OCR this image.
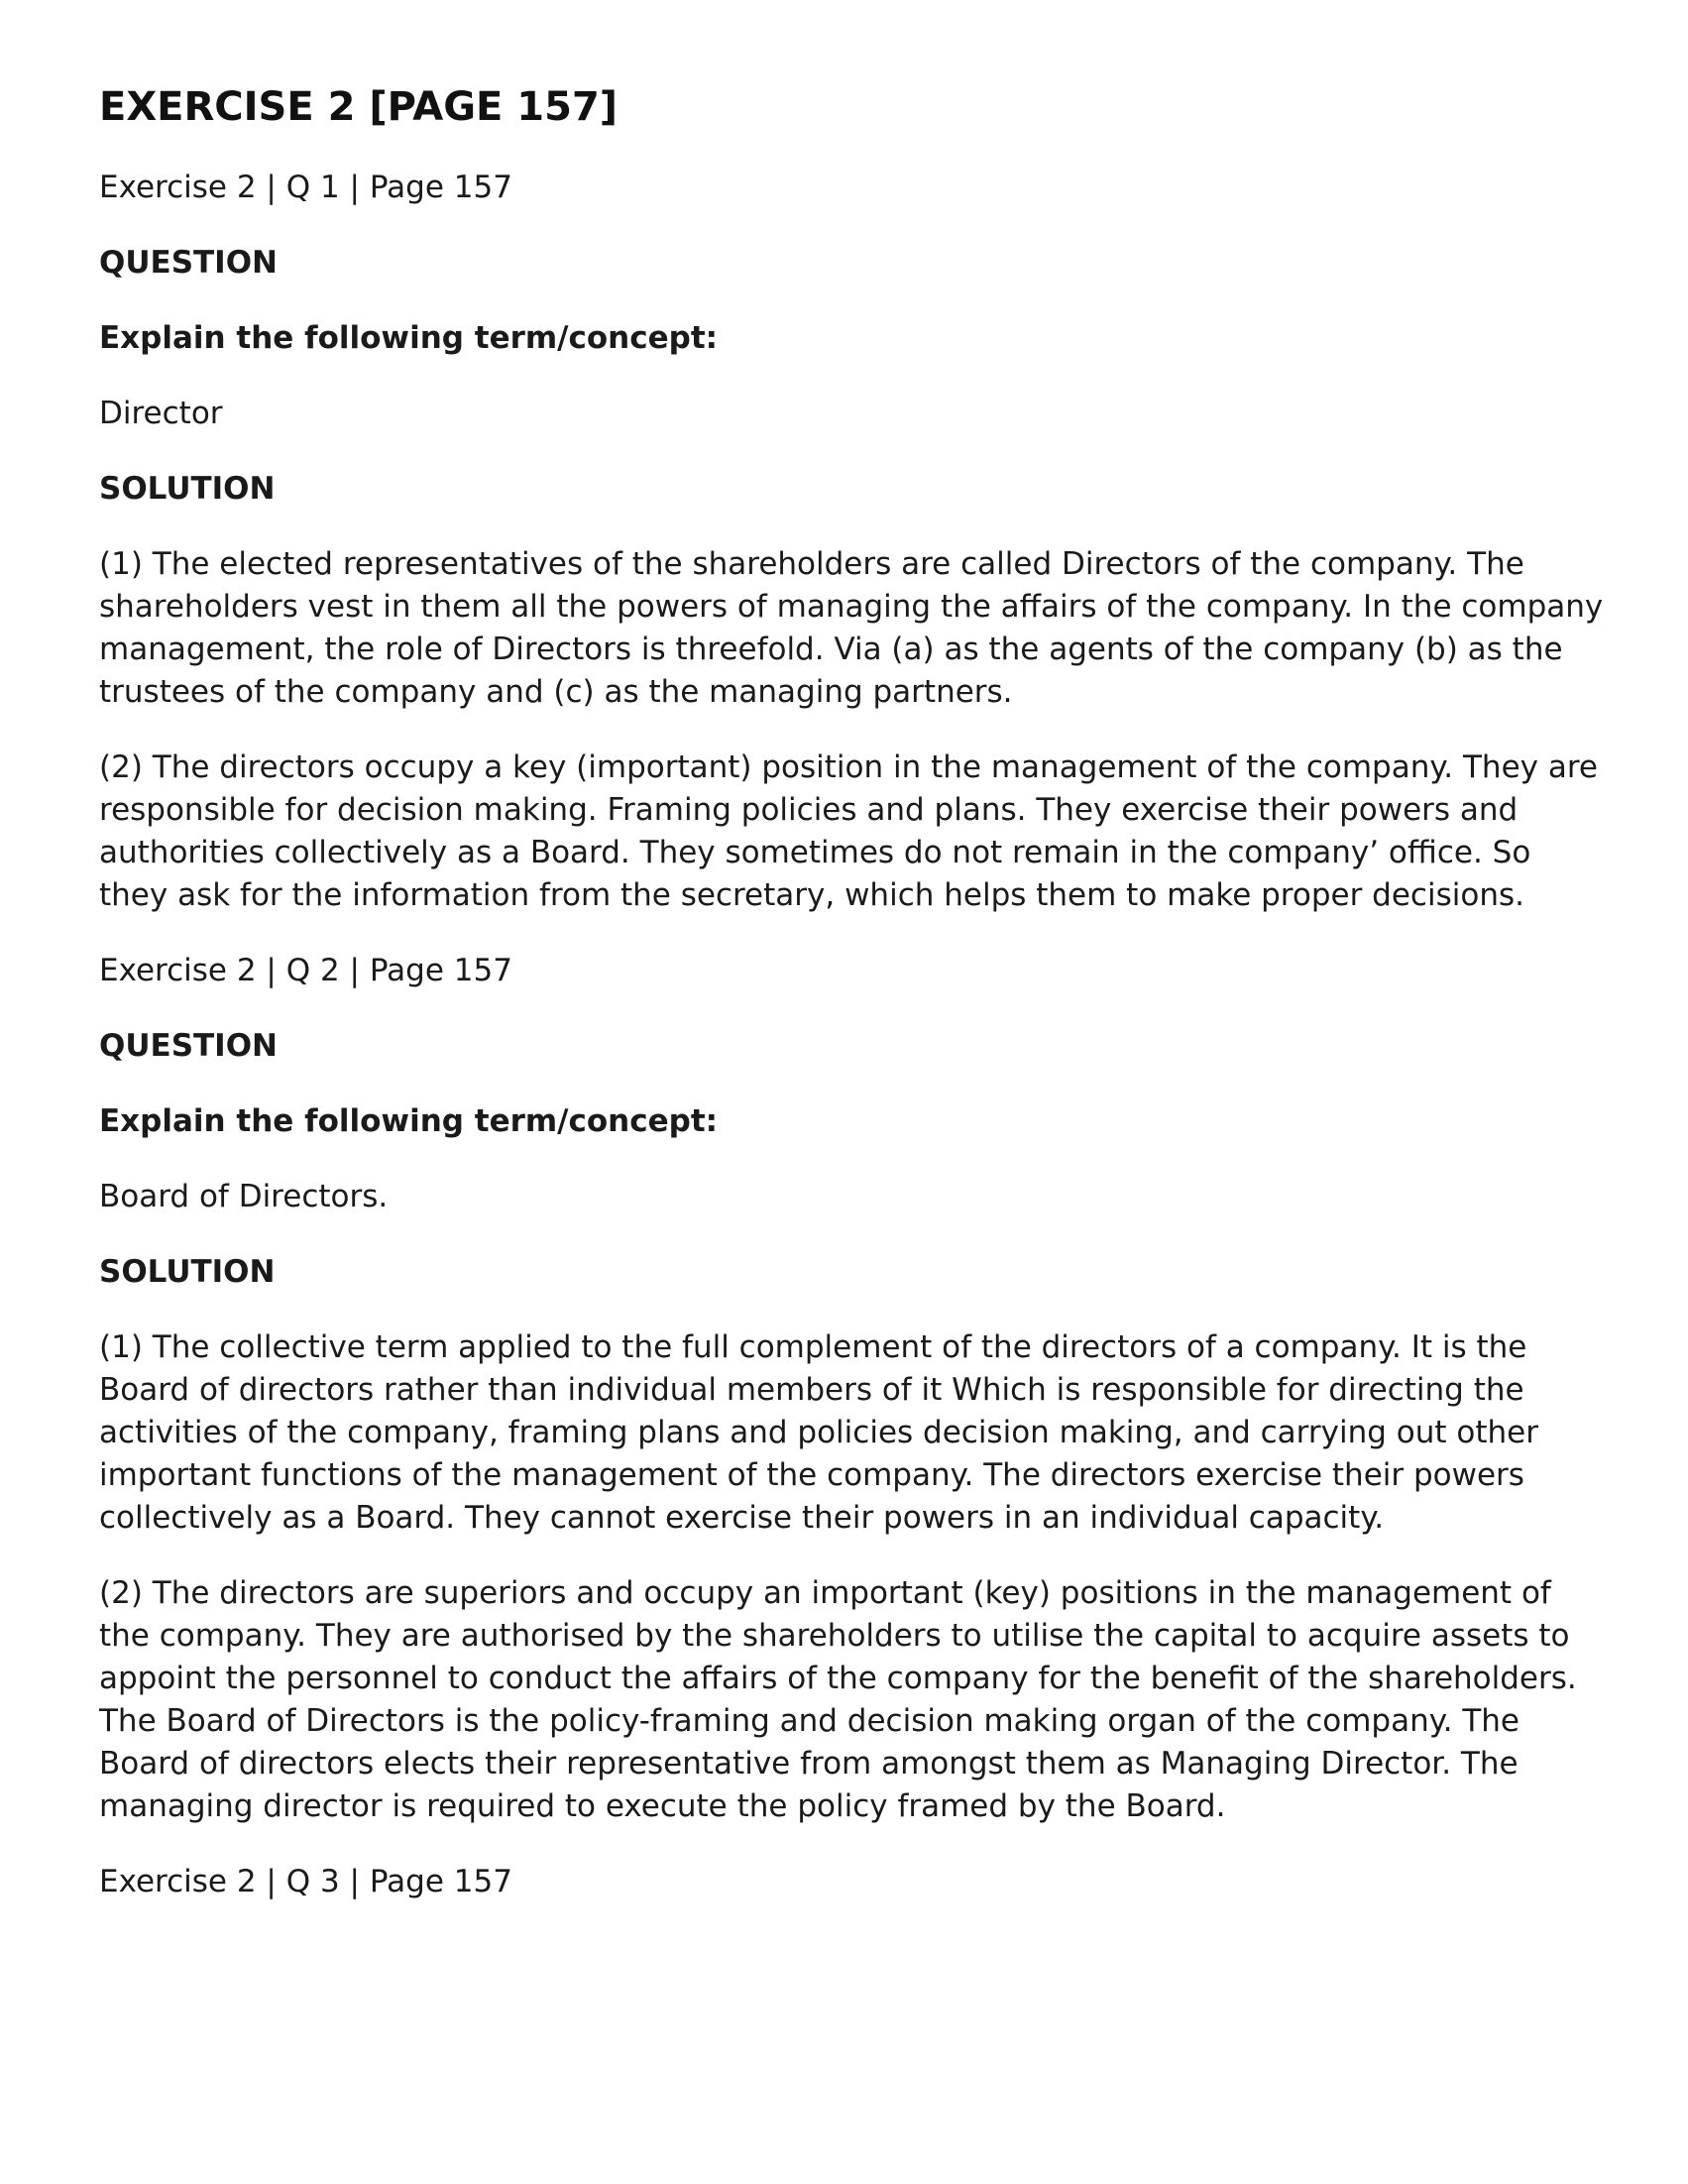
EXERCISE 2 [PAGE 157]
Exercise 2 | Q 1 | Page 157
QUESTION
Explain the following term/concept:
Director
SOLUTION

(1) The elected representatives of the shareholders are called Directors of the company. The shareholders vest in them all the powers of managing the affairs of the company. In the company management, the role of Directors is threefold. Via (a) as the agents of the company (b) as the trustees of the company and (c) as the managing partners.

(2) The directors occupy a key (important) position in the management of the company. They are responsible for decision making. Framing policies and plans. They exercise their powers and authorities collectively as a Board. They sometimes do not remain in the company’ office. So they ask for the information from the secretary, which helps them to make proper decisions.

Exercise 2 | Q 2 | Page 157
QUESTION
Explain the following term/concept:
Board of Directors.
SOLUTION

(1) The collective term applied to the full complement of the directors of a company. It is the Board of directors rather than individual members of it Which is responsible for directing the activities of the company, framing plans and policies decision making, and carrying out other important functions of the management of the company. The directors exercise their powers collectively as a Board. They cannot exercise their powers in an individual capacity.

(2) The directors are superiors and occupy an important (key) positions in the management of the company. They are authorised by the shareholders to utilise the capital to acquire assets to appoint the personnel to conduct the affairs of the company for the benefit of the shareholders. The Board of Directors is the policy-framing and decision making organ of the company. The Board of directors elects their representative from amongst them as Managing Director. The managing director is required to execute the policy framed by the Board.

Exercise 2 | Q 3 | Page 157
